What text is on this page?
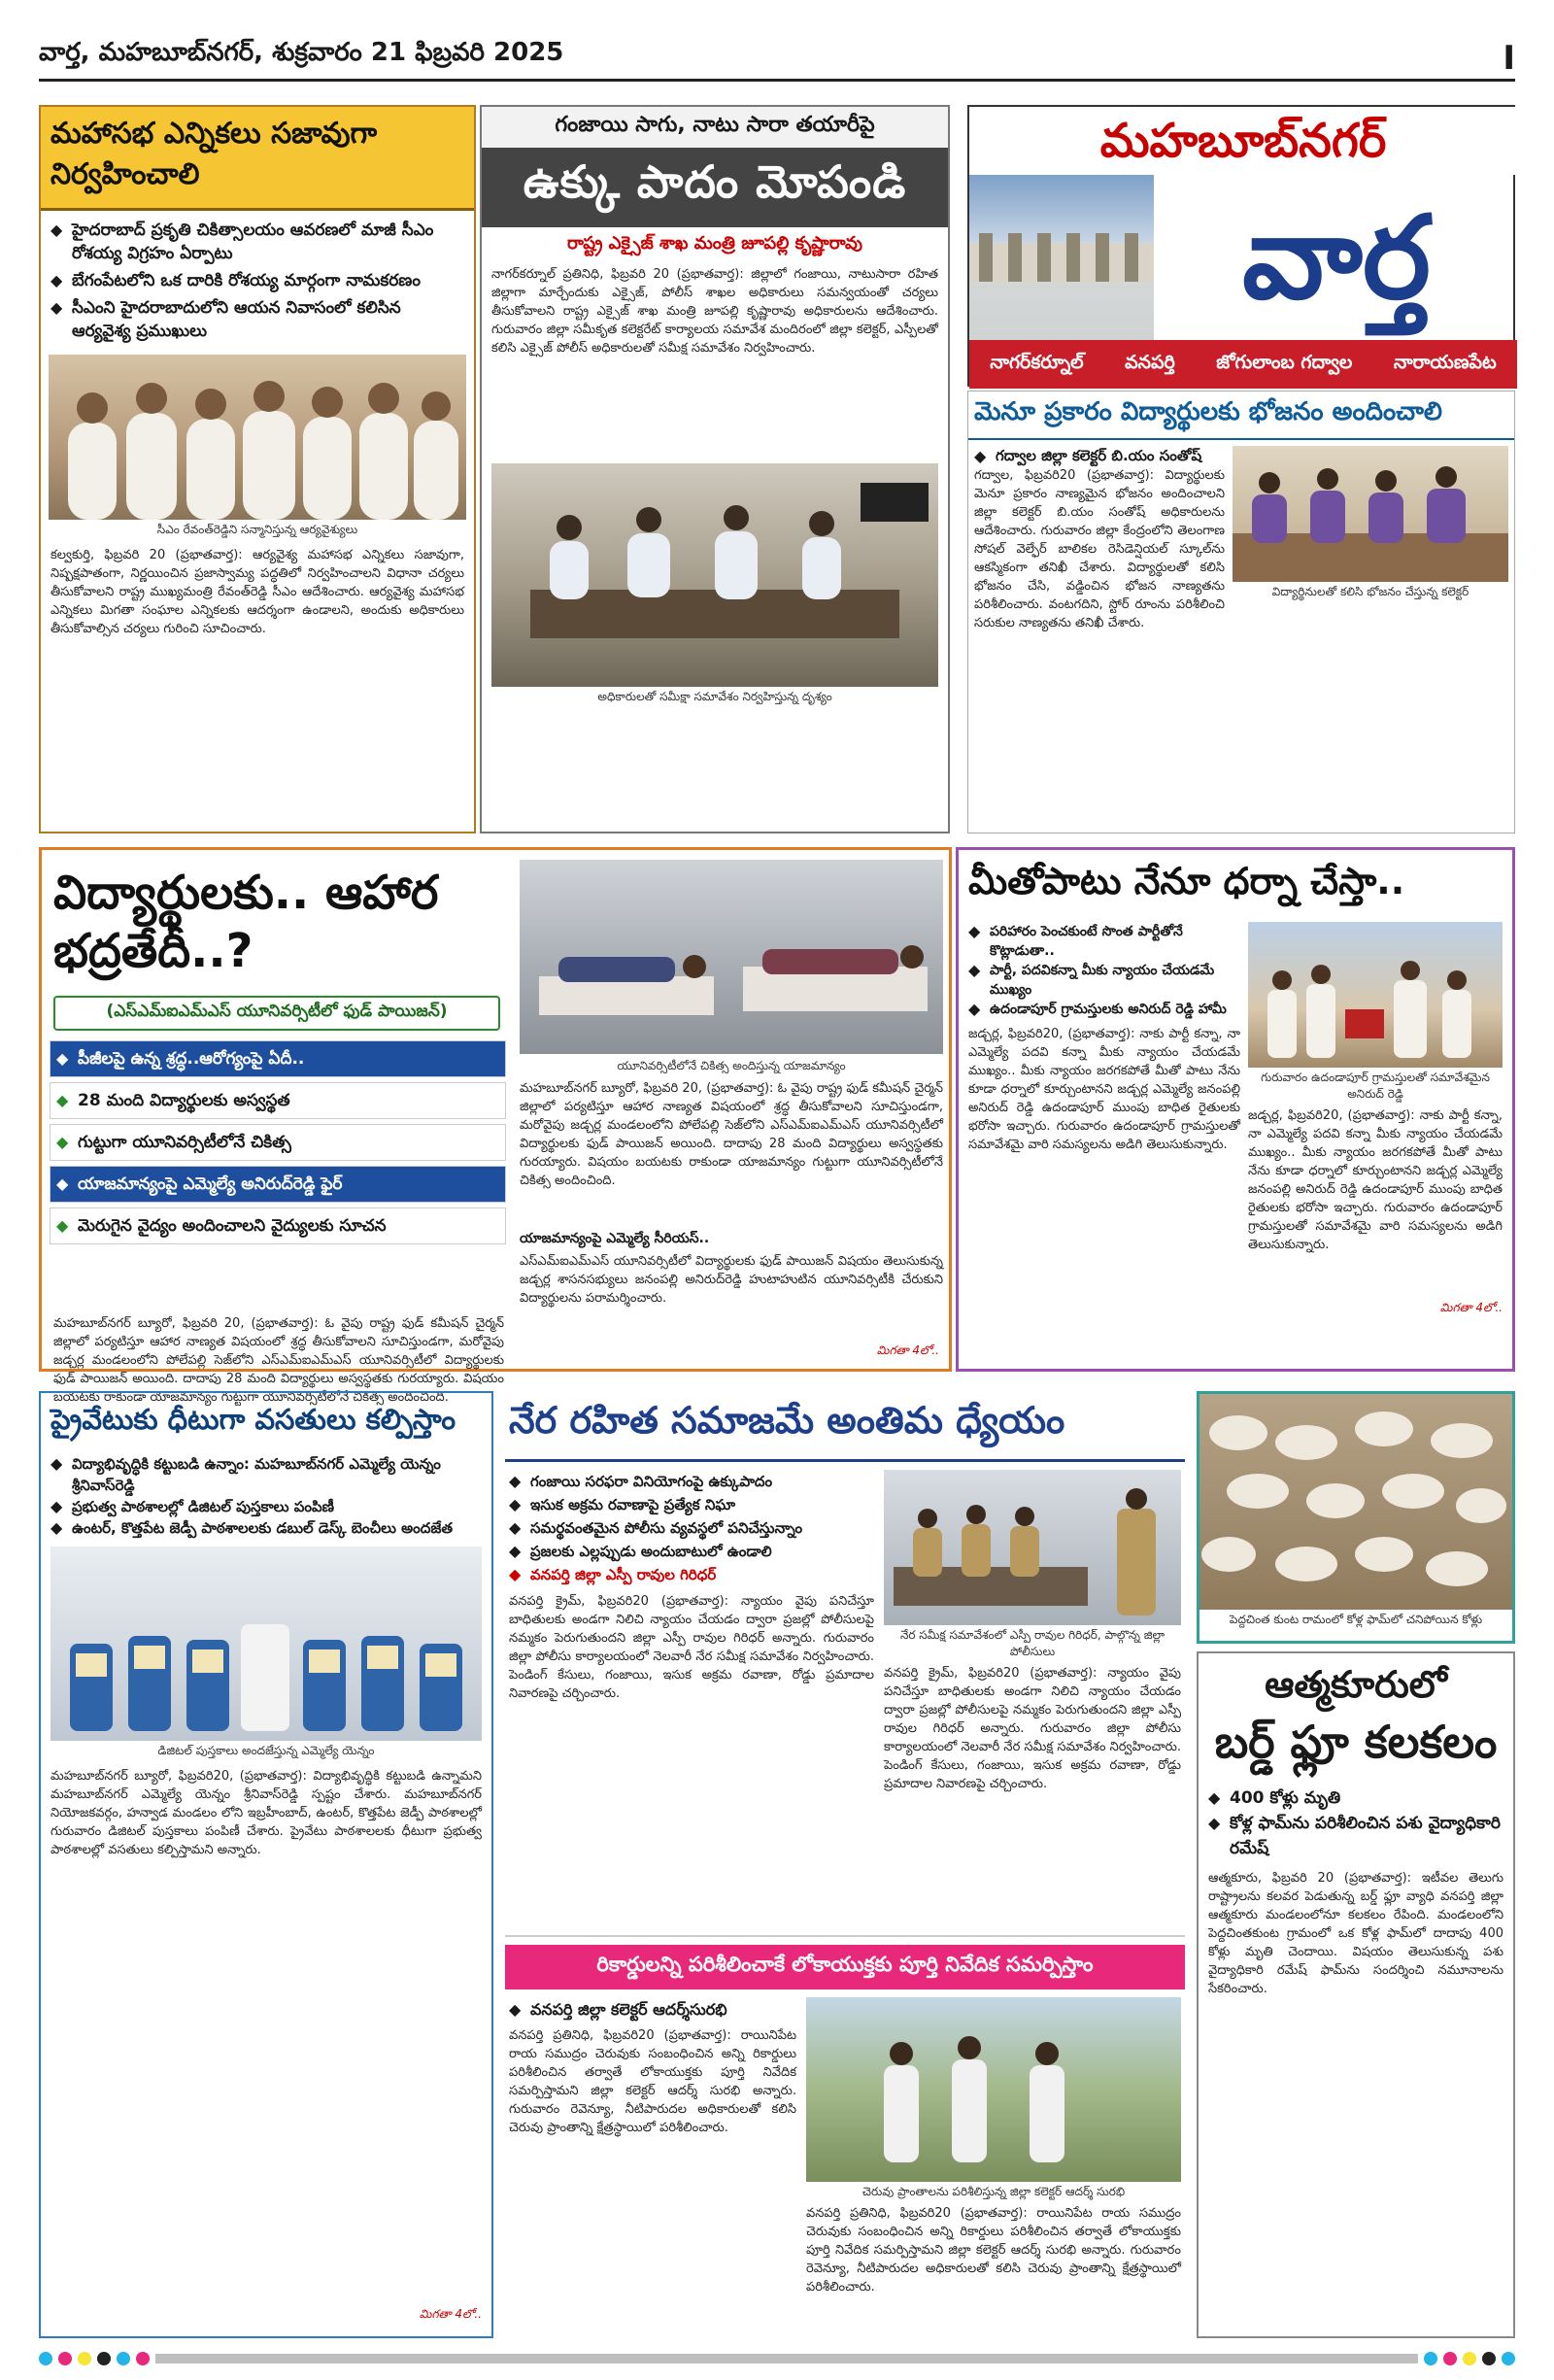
వార్త, మహబూబ్‌నగర్, శుక్రవారం 21 ఫిబ్రవరి 2025	I
మహాసభ ఎన్నికలు సజావుగా నిర్వహించాలి
◆ హైదరాబాద్ ప్రకృతి చికిత్సాలయం ఆవరణలో మాజీ సీఎం రోశయ్య విగ్రహం ఏర్పాటు
◆ బేగంపేటలోని ఒక దారికి రోశయ్య మార్గంగా నామకరణం
◆ సీఎంని హైదరాబాదులోని ఆయన నివాసంలో కలిసిన ఆర్యవైశ్య ప్రముఖులు
సీఎం రేవంత్‌రెడ్డిని సన్మానిస్తున్న ఆర్యవైశ్యులు
కల్వకుర్తి, ఫిబ్రవరి 20 (ప్రభాతవార్త): ఆర్యవైశ్య మహాసభ ఎన్నికలు సజావుగా, నిష్పక్షపాతంగా, నిర్ణయించిన ప్రజాస్వామ్య పద్ధతిలో నిర్వహించాలని విధానా చర్యలు తీసుకోవాలని రాష్ట్ర ముఖ్యమంత్రి రేవంత్‌రెడ్డి సీఎం ఆదేశించారు. ఆర్యవైశ్య మహాసభ ఎన్నికలు మిగతా సంఘాల ఎన్నికలకు ఆదర్శంగా ఉండాలని, అందుకు అధికారులు తీసుకోవాల్సిన చర్యలు గురించి సూచించారు.
గంజాయి సాగు, నాటు సారా తయారీపై
ఉక్కు పాదం మోపండి
రాష్ట్ర ఎక్సైజ్ శాఖ మంత్రి జూపల్లి కృష్ణారావు
నాగర్‌కర్నూల్ ప్రతినిధి, ఫిబ్రవరి 20 (ప్రభాతవార్త): జిల్లాలో గంజాయి, నాటుసారా రహిత జిల్లాగా మార్చేందుకు ఎక్సైజ్, పోలీస్ శాఖల అధికారులు సమన్వయంతో చర్యలు తీసుకోవాలని రాష్ట్ర ఎక్సైజ్ శాఖ మంత్రి జూపల్లి కృష్ణారావు అధికారులను ఆదేశించారు. గురువారం జిల్లా సమీకృత కలెక్టరేట్ కార్యాలయ సమావేశ మందిరంలో జిల్లా కలెక్టర్, ఎస్పీలతో కలిసి ఎక్సైజ్ పోలీస్ అధికారులతో సమీక్ష సమావేశం నిర్వహించారు.
అధికారులతో సమీక్షా సమావేశం నిర్వహిస్తున్న దృశ్యం
మహబూబ్‌నగర్
వార్త
నాగర్‌కర్నూల్ వనపర్తి జోగులాంబ గద్వాల నారాయణపేట
మెనూ ప్రకారం విద్యార్థులకు భోజనం అందించాలి
◆ గద్వాల జిల్లా కలెక్టర్ బి.యం సంతోష్
గద్వాల, ఫిబ్రవరి20 (ప్రభాతవార్త): విద్యార్థులకు మెనూ ప్రకారం నాణ్యమైన భోజనం అందించాలని జిల్లా కలెక్టర్ బి.యం సంతోష్ అధికారులను ఆదేశించారు. గురువారం జిల్లా కేంద్రంలోని తెలంగాణ సోషల్ వెల్ఫేర్ బాలికల రెసిడెన్షియల్ స్కూల్‌ను ఆకస్మికంగా తనిఖీ చేశారు. విద్యార్థులతో కలిసి భోజనం చేసి, వడ్డించిన భోజన నాణ్యతను పరిశీలించారు. వంటగదిని, స్టోర్ రూంను పరిశీలించి సరుకుల నాణ్యతను తనిఖీ చేశారు.
విద్యార్థినులతో కలిసి భోజనం చేస్తున్న కలెక్టర్
విద్యార్థులకు.. ఆహార భద్రతేదీ..?
(ఎస్‌ఎమ్‌ఐఎమ్‌ఎస్ యూనివర్సిటీలో ఫుడ్ పాయిజన్)
◆ పీజీలపై ఉన్న శ్రద్ధ..ఆరోగ్యంపై ఏదీ..
◆ 28 మంది విద్యార్థులకు అస్వస్థత
◆ గుట్టుగా యూనివర్సిటీలోనే చికిత్స
◆ యాజమాన్యంపై ఎమ్మెల్యే అనిరుద్‌రెడ్డి ఫైర్
◆ మెరుగైన వైద్యం అందించాలని వైద్యులకు సూచన
యూనివర్సిటీలోనే చికిత్స అందిస్తున్న యాజమాన్యం
మహబూబ్‌నగర్ బ్యూరో, ఫిబ్రవరి 20, (ప్రభాతవార్త): ఓ వైపు రాష్ట్ర ఫుడ్ కమీషన్ చైర్మన్ జిల్లాలో పర్యటిస్తూ ఆహార నాణ్యత విషయంలో శ్రద్ధ తీసుకోవాలని సూచిస్తుండగా, మరోవైపు జడ్చర్ల మండలంలోని పోలేపల్లి సెజ్‌లోని ఎస్‌ఎమ్‌ఐఎమ్‌ఎస్ యూనివర్సిటీలో విద్యార్థులకు ఫుడ్ పాయిజన్ అయింది. దాదాపు 28 మంది విద్యార్థులు అస్వస్థతకు గురయ్యారు. విషయం బయటకు రాకుండా యాజమాన్యం గుట్టుగా యూనివర్సిటీలోనే చికిత్స అందించింది.
యాజమాన్యంపై ఎమ్మెల్యే సీరియస్..
ఎస్‌ఎమ్‌ఐఎమ్‌ఎస్ యూనివర్సిటీలో విద్యార్థులకు ఫుడ్ పాయిజన్ విషయం తెలుసుకున్న జడ్చర్ల శాసనసభ్యులు జనంపల్లి అనిరుద్‌రెడ్డి హుటాహుటిన యూనివర్సిటీకి చేరుకుని విద్యార్థులను పరామర్శించారు.
మిగతా 4లో..
మహబూబ్‌నగర్ బ్యూరో, ఫిబ్రవరి 20, (ప్రభాతవార్త): ఓ వైపు రాష్ట్ర ఫుడ్ కమీషన్ చైర్మన్ జిల్లాలో పర్యటిస్తూ ఆహార నాణ్యత విషయంలో శ్రద్ధ తీసుకోవాలని సూచిస్తుండగా, మరోవైపు జడ్చర్ల మండలంలోని పోలేపల్లి సెజ్‌లోని ఎస్‌ఎమ్‌ఐఎమ్‌ఎస్ యూనివర్సిటీలో విద్యార్థులకు ఫుడ్ పాయిజన్ అయింది. దాదాపు 28 మంది విద్యార్థులు అస్వస్థతకు గురయ్యారు. విషయం బయటకు రాకుండా యాజమాన్యం గుట్టుగా యూనివర్సిటీలోనే చికిత్స అందించింది.
మీతోపాటు నేనూ ధర్నా చేస్తా..
◆ పరిహారం పెంచకుంటే సొంత పార్టీతోనే కొట్లాడుతా..
◆ పార్టీ, పదవికన్నా మీకు న్యాయం చేయడమే ముఖ్యం
◆ ఉదండాపూర్ గ్రామస్తులకు అనిరుద్ రెడ్డి హామీ
జడ్చర్ల, ఫిబ్రవరి20, (ప్రభాతవార్త): నాకు పార్టీ కన్నా, నా ఎమ్మెల్యే పదవి కన్నా మీకు న్యాయం చేయడమే ముఖ్యం.. మీకు న్యాయం జరగకపోతే మీతో పాటు నేను కూడా ధర్నాలో కూర్చుంటానని జడ్చర్ల ఎమ్మెల్యే జనంపల్లి అనిరుద్ రెడ్డి ఉదండాపూర్ ముంపు బాధిత రైతులకు భరోసా ఇచ్చారు. గురువారం ఉదండాపూర్ గ్రామస్తులతో సమావేశమై వారి సమస్యలను అడిగి తెలుసుకున్నారు.
గురువారం ఉదండాపూర్ గ్రామస్తులతో సమావేశమైన అనిరుద్ రెడ్డి
జడ్చర్ల, ఫిబ్రవరి20, (ప్రభాతవార్త): నాకు పార్టీ కన్నా, నా ఎమ్మెల్యే పదవి కన్నా మీకు న్యాయం చేయడమే ముఖ్యం.. మీకు న్యాయం జరగకపోతే మీతో పాటు నేను కూడా ధర్నాలో కూర్చుంటానని జడ్చర్ల ఎమ్మెల్యే జనంపల్లి అనిరుద్ రెడ్డి ఉదండాపూర్ ముంపు బాధిత రైతులకు భరోసా ఇచ్చారు. గురువారం ఉదండాపూర్ గ్రామస్తులతో సమావేశమై వారి సమస్యలను అడిగి తెలుసుకున్నారు.
మిగతా 4లో..
ప్రైవేటుకు ధీటుగా వసతులు కల్పిస్తాం
◆ విద్యాభివృద్ధికి కట్టుబడి ఉన్నాం: మహబూబ్‌నగర్ ఎమ్మెల్యే యెన్నం శ్రీనివాస్‌రెడ్డి
◆ ప్రభుత్వ పాఠశాలల్లో డిజిటల్ పుస్తకాలు పంపిణీ
◆ ఉంటర్, కొత్తపేట జెడ్పీ పాఠశాలలకు డబుల్ డెస్క్ బెంచీలు అందజేత
డిజిటల్ పుస్తకాలు అందజేస్తున్న ఎమ్మెల్యే యెన్నం
మహబూబ్‌నగర్ బ్యూరో, ఫిబ్రవరి20, (ప్రభాతవార్త): విద్యాభివృద్ధికి కట్టుబడి ఉన్నామని మహబూబ్‌నగర్ ఎమ్మెల్యే యెన్నం శ్రీనివాస్‌రెడ్డి స్పష్టం చేశారు. మహబూబ్‌నగర్ నియోజకవర్గం, హన్వాడ మండలం లోని ఇబ్రహీంబాద్, ఉంటర్, కొత్తపేట జెడ్పీ పాఠశాలల్లో గురువారం డిజిటల్ పుస్తకాలు పంపిణీ చేశారు. ప్రైవేటు పాఠశాలలకు ధీటుగా ప్రభుత్వ పాఠశాలల్లో వసతులు కల్పిస్తామని అన్నారు.
మిగతా 4లో..
నేర రహిత సమాజమే అంతిమ ధ్యేయం
◆ గంజాయి సరఫరా వినియోగంపై ఉక్కుపాదం
◆ ఇసుక అక్రమ రవాణాపై ప్రత్యేక నిఘా
◆ సమర్థవంతమైన పోలీసు వ్యవస్థలో పనిచేస్తున్నాం
◆ ప్రజలకు ఎల్లప్పుడు అందుబాటులో ఉండాలి
◆ వనపర్తి జిల్లా ఎస్పీ రావుల గిరిధర్
వనపర్తి క్రైమ్, ఫిబ్రవరి20 (ప్రభాతవార్త): న్యాయం వైపు పనిచేస్తూ బాధితులకు అండగా నిలిచి న్యాయం చేయడం ద్వారా ప్రజల్లో పోలీసులపై నమ్మకం పెరుగుతుందని జిల్లా ఎస్పీ రావుల గిరిధర్ అన్నారు. గురువారం జిల్లా పోలీసు కార్యాలయంలో నెలవారీ నేర సమీక్ష సమావేశం నిర్వహించారు. పెండింగ్ కేసులు, గంజాయి, ఇసుక అక్రమ రవాణా, రోడ్డు ప్రమాదాల నివారణపై చర్చించారు.
నేర సమీక్ష సమావేశంలో ఎస్పీ రావుల గిరిధర్, పాల్గొన్న జిల్లా పోలీసులు
వనపర్తి క్రైమ్, ఫిబ్రవరి20 (ప్రభాతవార్త): న్యాయం వైపు పనిచేస్తూ బాధితులకు అండగా నిలిచి న్యాయం చేయడం ద్వారా ప్రజల్లో పోలీసులపై నమ్మకం పెరుగుతుందని జిల్లా ఎస్పీ రావుల గిరిధర్ అన్నారు. గురువారం జిల్లా పోలీసు కార్యాలయంలో నెలవారీ నేర సమీక్ష సమావేశం నిర్వహించారు. పెండింగ్ కేసులు, గంజాయి, ఇసుక అక్రమ రవాణా, రోడ్డు ప్రమాదాల నివారణపై చర్చించారు.
రికార్డులన్ని పరిశీలించాకే లోకాయుక్తకు పూర్తి నివేదిక సమర్పిస్తాం
◆ వనపర్తి జిల్లా కలెక్టర్ ఆదర్శ్‌సురభి
వనపర్తి ప్రతినిధి, ఫిబ్రవరి20 (ప్రభాతవార్త): రాయినిపేట రాయ సముద్రం చెరువుకు సంబంధించిన అన్ని రికార్డులు పరిశీలించిన తర్వాతే లోకాయుక్తకు పూర్తి నివేదిక సమర్పిస్తామని జిల్లా కలెక్టర్ ఆదర్శ్ సురభి అన్నారు. గురువారం రెవెన్యూ, నీటిపారుదల అధికారులతో కలిసి చెరువు ప్రాంతాన్ని క్షేత్రస్థాయిలో పరిశీలించారు.
చెరువు ప్రాంతాలను పరిశీలిస్తున్న జిల్లా కలెక్టర్ ఆదర్శ్ సురభి
వనపర్తి ప్రతినిధి, ఫిబ్రవరి20 (ప్రభాతవార్త): రాయినిపేట రాయ సముద్రం చెరువుకు సంబంధించిన అన్ని రికార్డులు పరిశీలించిన తర్వాతే లోకాయుక్తకు పూర్తి నివేదిక సమర్పిస్తామని జిల్లా కలెక్టర్ ఆదర్శ్ సురభి అన్నారు. గురువారం రెవెన్యూ, నీటిపారుదల అధికారులతో కలిసి చెరువు ప్రాంతాన్ని క్షేత్రస్థాయిలో పరిశీలించారు.
పెద్దచింత కుంట రామంలో కోళ్ల ఫామ్‌లో చనిపోయిన కోళ్లు
ఆత్మకూరులో
బర్డ్ ఫ్లూ కలకలం
◆ 400 కోళ్లు మృతి
◆ కోళ్ల ఫామ్‌ను పరిశీలించిన పశు వైద్యాధికారి రమేష్
ఆత్మకూరు, ఫిబ్రవరి 20 (ప్రభాతవార్త): ఇటీవల తెలుగు రాష్ట్రాలను కలవర పెడుతున్న బర్డ్ ఫ్లూ వ్యాధి వనపర్తి జిల్లా ఆత్మకూరు మండలంలోనూ కలకలం రేపింది. మండలంలోని పెద్దచింతకుంట గ్రామంలో ఒక కోళ్ల ఫామ్‌లో దాదాపు 400 కోళ్లు మృతి చెందాయి. విషయం తెలుసుకున్న పశు వైద్యాధికారి రమేష్ ఫామ్‌ను సందర్శించి నమూనాలను సేకరించారు.
